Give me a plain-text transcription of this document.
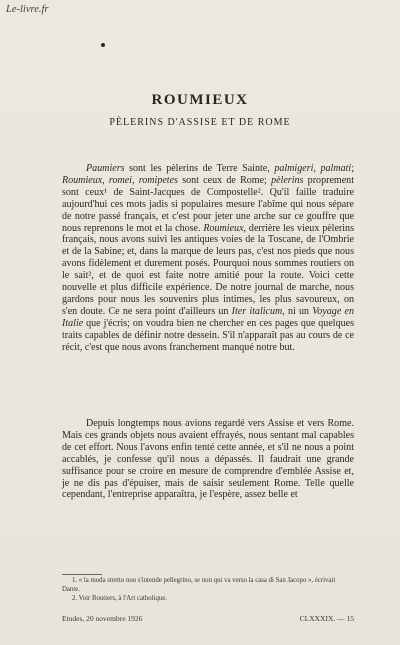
Le-livre.fr
ROUMIEUX
PÈLERINS D'ASSISE ET DE ROME
Paumiers sont les pèlerins de Terre Sainte, palmigeri, palmati; Roumieux, romei, romipetes sont ceux de Rome; pèlerins proprement sont ceux¹ de Saint-Jacques de Compostelle². Qu'il faille traduire aujourd'hui ces mots jadis si populaires mesure l'abîme qui nous sépare de notre passé français, et c'est pour jeter une arche sur ce gouffre que nous reprenons le mot et la chose. Roumieux, derrière les vieux pèlerins français, nous avons suivi les antiques voies de la Toscane, de l'Ombrie et de la Sabine; et, dans la marque de leurs pas, c'est nos pieds que nous avons fidèlement et durement posés. Pourquoi nous sommes routiers on le sait², et de quoi est faite notre amitié pour la route. Voici cette nouvelle et plus difficile expérience. De notre journal de marche, nous gardons pour nous les souvenirs plus intimes, les plus savoureux, on s'en doute. Ce ne sera point d'ailleurs un Iter italicum, ni un Voyage en Italie que j'écris; on voudra bien ne chercher en ces pages que quelques traits capables de définir notre dessein. S'il n'apparaît pas au cours de ce récit, c'est que nous avons franchement manqué notre but.
Depuis longtemps nous avions regardé vers Assise et vers Rome. Mais ces grands objets nous avaient effrayés, nous sentant mal capables de cet effort. Nous l'avons enfin tenté cette année, et s'il ne nous a point accablés, je confesse qu'il nous a dépassés. Il faudrait une grande suffisance pour se croire en mesure de comprendre d'emblée Assise et, je ne dis pas d'épuiser, mais de saisir seulement Rome. Telle quelle cependant, l'entreprise apparaîtra, je l'espère, assez belle et
1. « la moda stretto non s'intende pellegrino, se non qui va verso la casa di San Jacopo », écrivait Dante.
2. Voir Routiers, à l'Art catholique.
Etudes, 20 novembre 1926	CLXXXIX. — 15
